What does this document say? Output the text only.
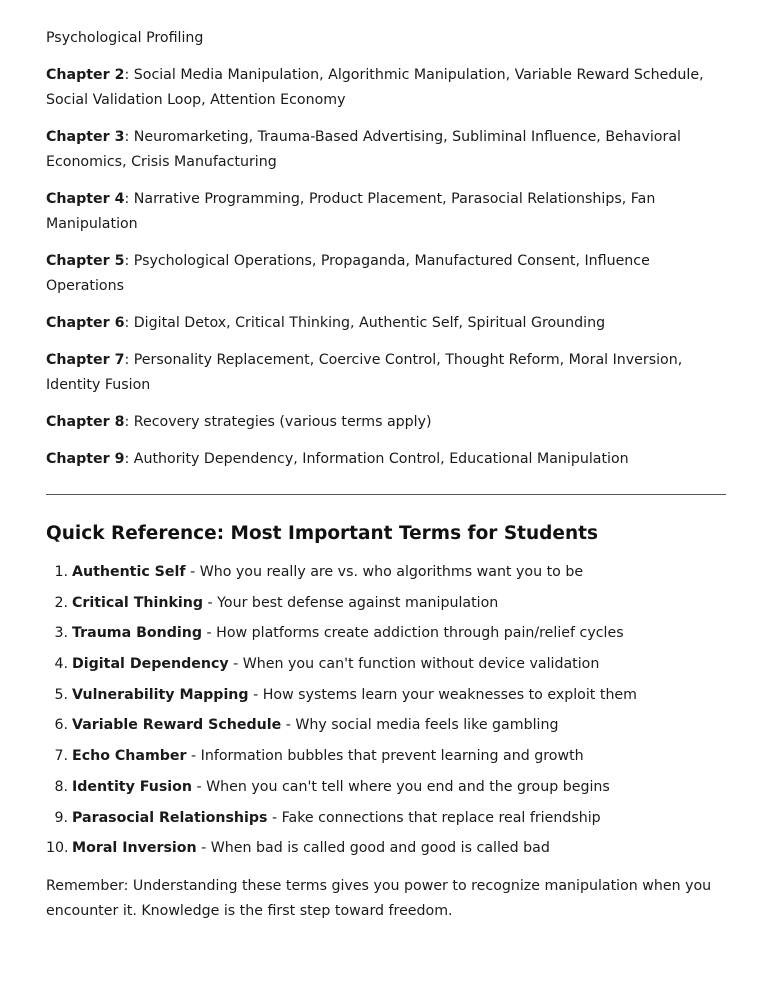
Psychological Profiling

Chapter 2: Social Media Manipulation, Algorithmic Manipulation, Variable Reward Schedule, Social Validation Loop, Attention Economy

Chapter 3: Neuromarketing, Trauma-Based Advertising, Subliminal Influence, Behavioral Economics, Crisis Manufacturing

Chapter 4: Narrative Programming, Product Placement, Parasocial Relationships, Fan Manipulation

Chapter 5: Psychological Operations, Propaganda, Manufactured Consent, Influence Operations

Chapter 6: Digital Detox, Critical Thinking, Authentic Self, Spiritual Grounding

Chapter 7: Personality Replacement, Coercive Control, Thought Reform, Moral Inversion, Identity Fusion

Chapter 8: Recovery strategies (various terms apply)

Chapter 9: Authority Dependency, Information Control, Educational Manipulation

Quick Reference: Most Important Terms for Students
1. Authentic Self - Who you really are vs. who algorithms want you to be
2. Critical Thinking - Your best defense against manipulation
3. Trauma Bonding - How platforms create addiction through pain/relief cycles
4. Digital Dependency - When you can't function without device validation
5. Vulnerability Mapping - How systems learn your weaknesses to exploit them
6. Variable Reward Schedule - Why social media feels like gambling
7. Echo Chamber - Information bubbles that prevent learning and growth
8. Identity Fusion - When you can't tell where you end and the group begins
9. Parasocial Relationships - Fake connections that replace real friendship
10. Moral Inversion - When bad is called good and good is called bad

Remember: Understanding these terms gives you power to recognize manipulation when you encounter it. Knowledge is the first step toward freedom.
